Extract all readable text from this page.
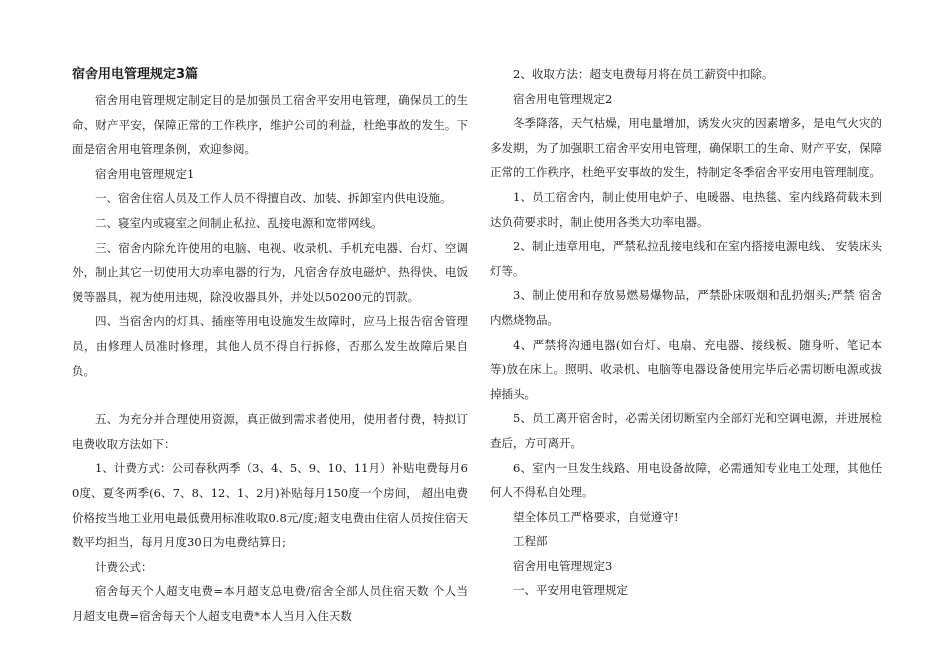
宿舍用电管理规定3篇

宿舍用电管理规定制定目的是加强员工宿舍平安用电管理，确保员工的生命、财产平安，保障正常的工作秩序，维护公司的利益，杜绝事故的发生。下面是宿舍用电管理条例，欢迎参阅。

宿舍用电管理规定1

一、宿舍住宿人员及工作人员不得擅自改、加装、拆卸室内供电设施。

二、寝室内或寝室之间制止私拉、乱接电源和宽带网线。

三、宿舍内除允许使用的电脑、电视、收录机、手机充电器、台灯、空调外，制止其它一切使用大功率电器的行为，凡宿舍存放电磁炉、热得快、电饭煲等器具，视为使用违规，除没收器具外，并处以50200元的罚款。

四、当宿舍内的灯具、插座等用电设施发生故障时，应马上报告宿舍管理员，由修理人员准时修理，其他人员不得自行拆修，否那么发生故障后果自负。

五、为充分并合理使用资源，真正做到需求者使用，使用者付费，特拟订电费收取方法如下：

1、计费方式：公司春秋两季（3、4、5、9、10、11月）补贴电费每月60度、夏冬两季(6、7、8、12、1、2月)补贴每月150度一个房间， 超出电费价格按当地工业用电最低费用标准收取0.8元/度;超支电费由住宿人员按住宿天数平均担当，每月月度30日为电费结算日;

计费公式：

宿舍每天个人超支电费=本月超支总电费/宿舍全部人员住宿天数 个人当月超支电费=宿舍每天个人超支电费*本人当月入住天数

2、收取方法：超支电费每月将在员工薪资中扣除。

宿舍用电管理规定2

冬季降落，天气枯燥，用电量增加，诱发火灾的因素增多，是电气火灾的多发期，为了加强职工宿舍平安用电管理，确保职工的生命、财产平安，保障正常的工作秩序，杜绝平安事故的发生，特制定冬季宿舍平安用电管理制度。

1、员工宿舍内，制止使用电炉子、电暖器、电热毯、室内线路荷载未到达负荷要求时，制止使用各类大功率电器。

2、制止违章用电，严禁私拉乱接电线和在室内搭接电源电线、 安装床头灯等。

3、制止使用和存放易燃易爆物品，严禁卧床吸烟和乱扔烟头;严禁 宿舍内燃烧物品。

4、严禁将沟通电器(如台灯、电扇、充电器、接线板、随身听、笔记本等)放在床上。照明、收录机、电脑等电器设备使用完毕后必需切断电源或拔掉插头。

5、员工离开宿舍时，必需关闭切断室内全部灯光和空调电源，并进展检查后，方可离开。

6、室内一旦发生线路、用电设备故障，必需通知专业电工处理，其他任何人不得私自处理。

望全体员工严格要求，自觉遵守!

工程部

宿舍用电管理规定3

一、平安用电管理规定
